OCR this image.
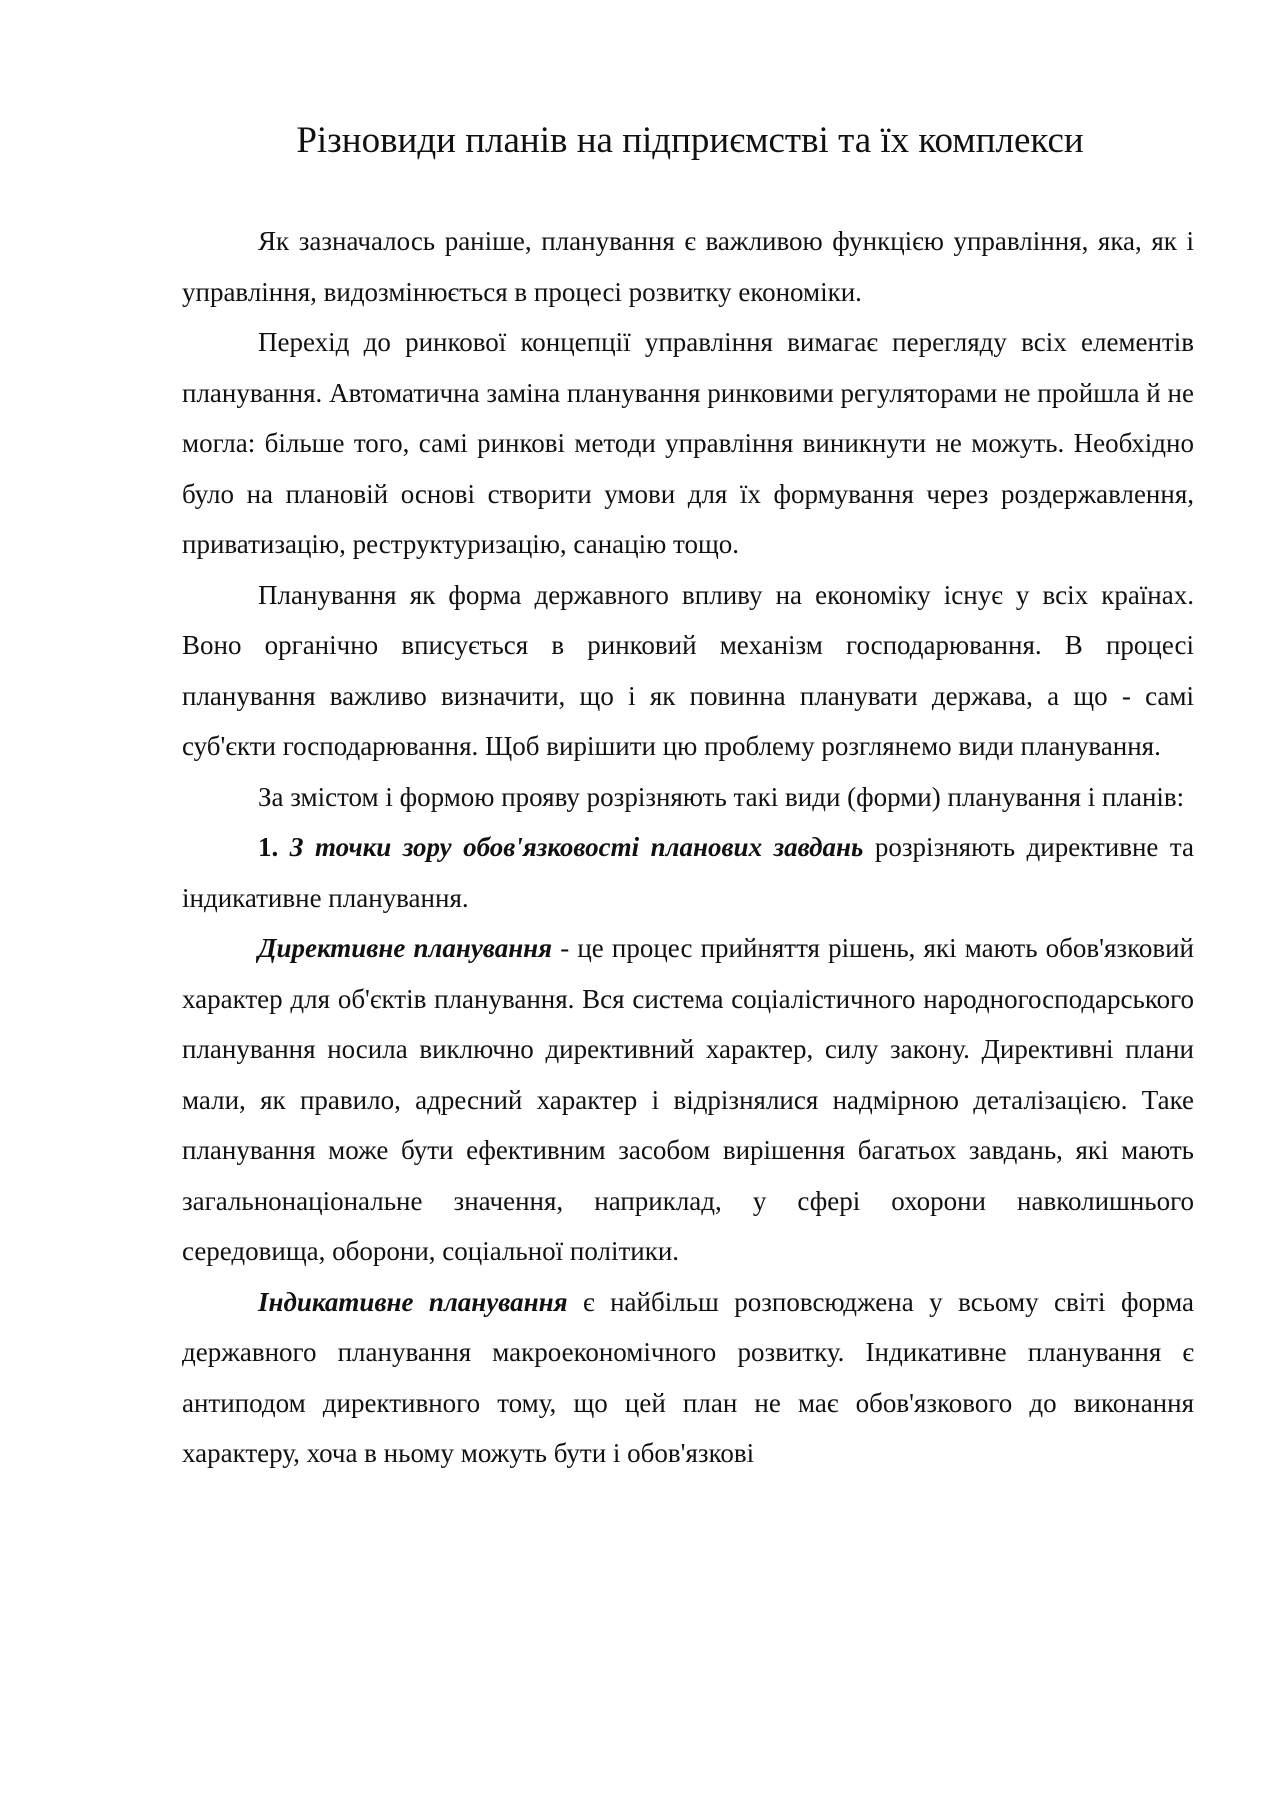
Різновиди планів на підприємстві та їх комплекси

Як зазначалось раніше, планування є важливою функцією управління, яка, як і управління, видозмінюється в процесі розвитку економіки.

Перехід до ринкової концепції управління вимагає перегляду всіх елементів планування. Автоматична заміна планування ринковими регуляторами не пройшла й не могла: більше того, самі ринкові методи управління виникнути не можуть. Необхідно було на плановій основі створити умови для їх формування через роздержавлення, приватизацію, реструктуризацію, санацію тощо.

Планування як форма державного впливу на економіку існує у всіх країнах. Воно органічно вписується в ринковий механізм господарювання. В процесі планування важливо визначити, що і як повинна планувати держава, а що - самі суб'єкти господарювання. Щоб вирішити цю проблему розглянемо види планування.

За змістом і формою прояву розрізняють такі види (форми) планування і планів:

1. З точки зору обов'язковості планових завдань розрізняють директивне та індикативне планування.

Директивне планування - це процес прийняття рішень, які мають обов'язковий характер для об'єктів планування. Вся система соціалістичного народногосподарського планування носила виключно директивний характер, силу закону. Директивні плани мали, як правило, адресний характер і відрізнялися надмірною деталізацією. Таке планування може бути ефективним засобом вирішення багатьох завдань, які мають загальнонаціональне значення, наприклад, у сфері охорони навколишнього середовища, оборони, соціальної політики.

Індикативне планування є найбільш розповсюджена у всьому світі форма державного планування макроекономічного розвитку. Індикативне планування є антиподом директивного тому, що цей план не має обов'язкового до виконання характеру, хоча в ньому можуть бути і обов'язкові
